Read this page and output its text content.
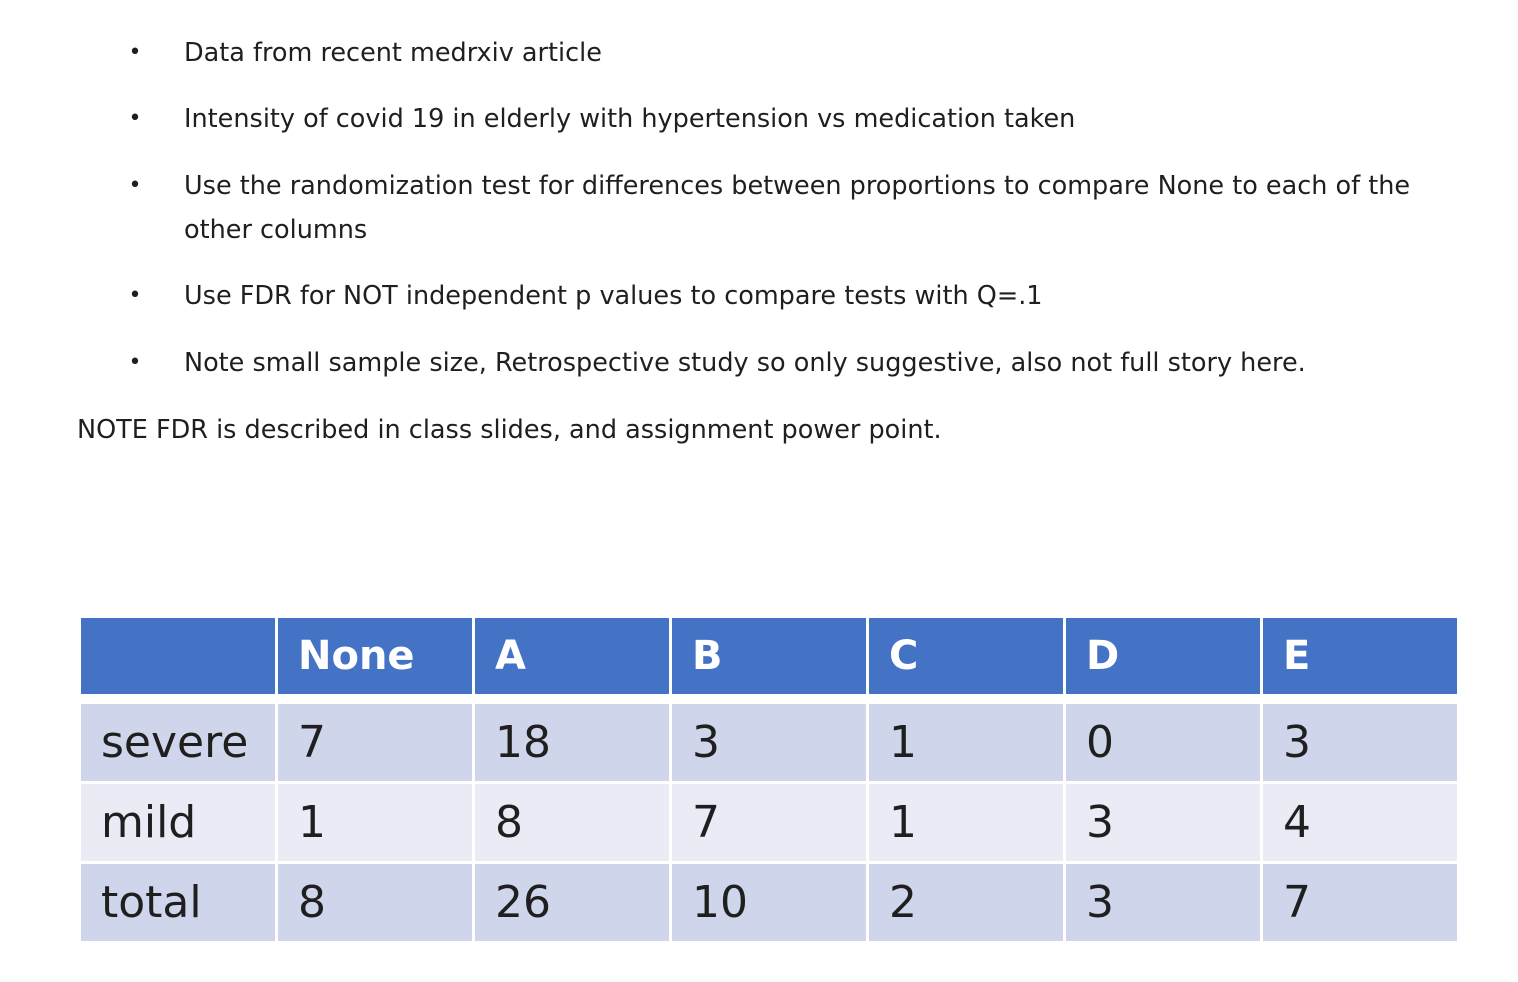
• Data from recent medrxiv article
• Intensity of covid 19 in elderly with hypertension vs medication taken
• Use the randomization test for differences between proportions to compare None to each of the other columns
• Use FDR for NOT independent p values to compare tests with Q=.1
• Note small sample size, Retrospective study so only suggestive, also not full story here.
NOTE FDR is described in class slides, and assignment power point.
	None	A	B	C	D	E
severe	7	18	3	1	0	3
mild	1	8	7	1	3	4
total	8	26	10	2	3	7
